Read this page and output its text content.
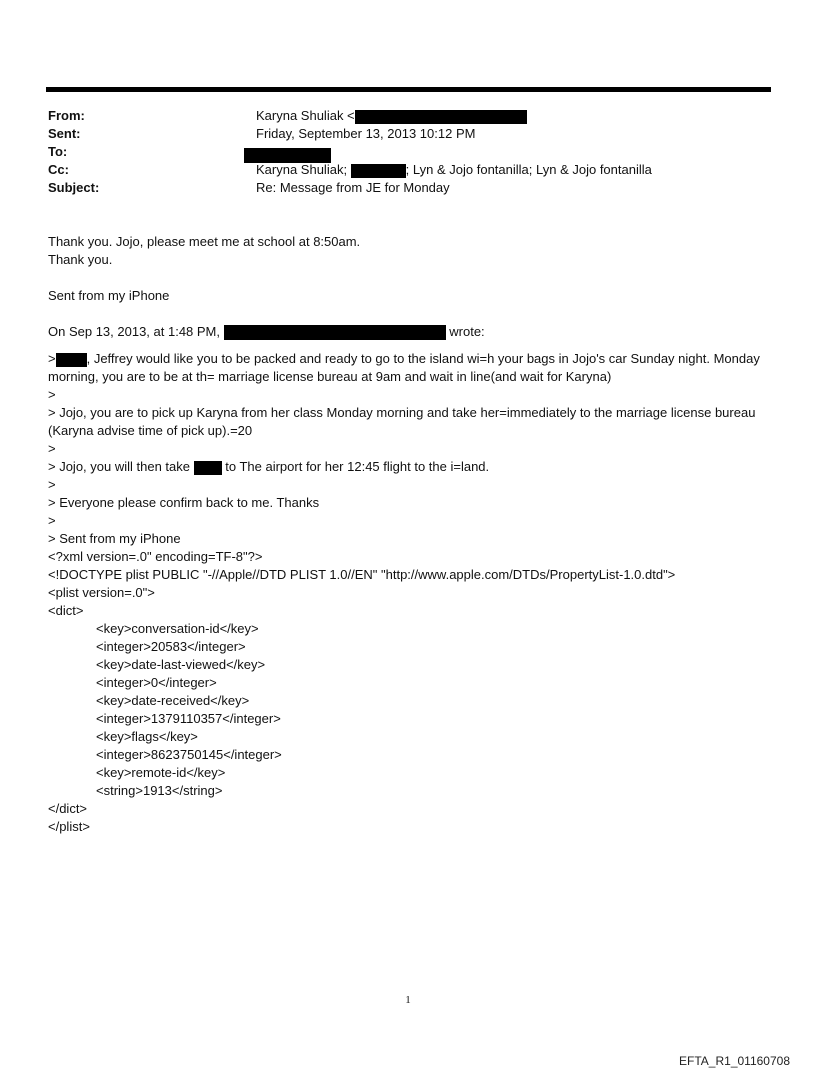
From:	Karyna Shuliak <
Sent:	Friday, September 13, 2013 10:12 PM
To:
Cc:	Karyna Shuliak;	; Lyn & Jojo fontanilla; Lyn & Jojo fontanilla
Subject:	Re: Message from JE for Monday
Thank you. Jojo, please meet me at school at 8:50am.
Thank you.
Sent from my iPhone
On Sep 13, 2013, at 1:48 PM,	wrote:
> , Jeffrey would like you to be packed and ready to go to the island wi=h your bags in Jojo's car Sunday night. Monday morning, you are to be at th= marriage license bureau at 9am and wait in line(and wait for Karyna)
>
> Jojo, you are to pick up Karyna from her class Monday morning and take her=immediately to the marriage license bureau (Karyna advise time of pick up).=20
>
> Jojo, you will then take	to The airport for her 12:45 flight to the i=land.
>
> Everyone please confirm back to me. Thanks
>
> Sent from my iPhone
<?xml version=.0" encoding=TF-8"?>
<!DOCTYPE plist PUBLIC "-//Apple//DTD PLIST 1.0//EN" "http://www.apple.com/DTDs/PropertyList-1.0.dtd">
<plist version=.0">
<dict>
<key>conversation-id</key>
<integer>20583</integer>
<key>date-last-viewed</key>
<integer>0</integer>
<key>date-received</key>
<integer>1379110357</integer>
<key>flags</key>
<integer>8623750145</integer>
<key>remote-id</key>
<string>1913</string>
</dict>
</plist>
1
EFTA_R1_01160708
